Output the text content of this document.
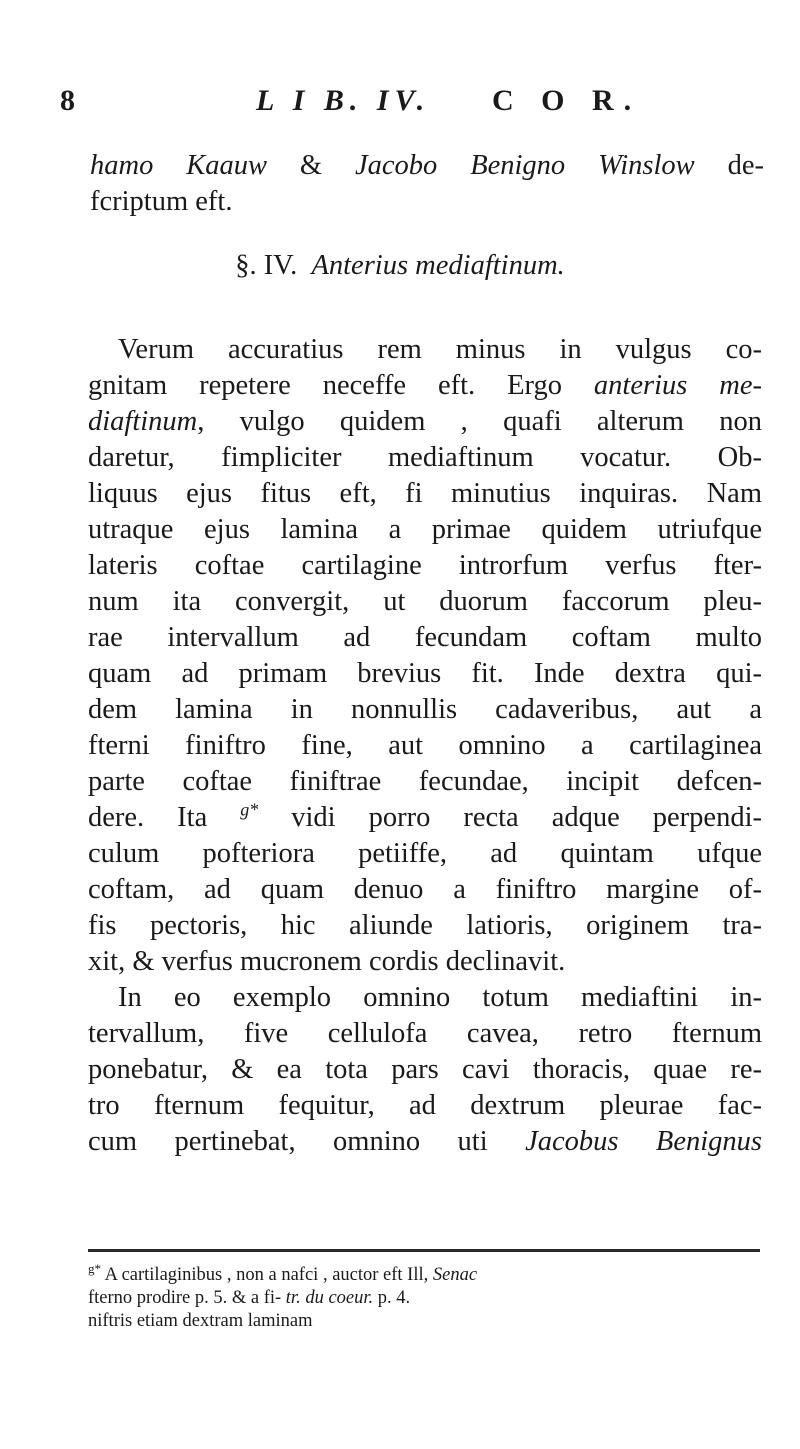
8	L I B. IV. C O R.
hamo Kaauw & Jacobo Benigno Winslow de-
fcriptum eft.
§. IV. Anterius mediaftinum.
Verum accuratius rem minus in vulgus co-
gnitam repetere neceffe eft. Ergo anterius me-
diaftinum, vulgo quidem , quafi alterum non
daretur, fimpliciter mediaftinum vocatur. Ob-
liquus ejus fitus eft, fi minutius inquiras. Nam
utraque ejus lamina a primae quidem utriufque
lateris coftae cartilagine introrfum verfus fter-
num ita convergit, ut duorum faccorum pleu-
rae intervallum ad fecundam coftam multo
quam ad primam brevius fit. Inde dextra qui-
dem lamina in nonnullis cadaveribus, aut a
fterni finiftro fine, aut omnino a cartilaginea
parte coftae finiftrae fecundae, incipit defcen-
dere. Ita $^{g*}$ vidi porro recta adque perpendi-
culum pofteriora petiiffe, ad quintam ufque
coftam, ad quam denuo a finiftro margine of-
fis pectoris, hic aliunde latioris, originem tra-
xit, & verfus mucronem cordis declinavit.
In eo exemplo omnino totum mediaftini in-
tervallum, five cellulofa cavea, retro fternum
ponebatur, & ea tota pars cavi thoracis, quae re-
tro fternum fequitur, ad dextrum pleurae fac-
cum pertinebat, omnino uti Jacobus Benignus
$^{g*}$ A cartilaginibus , non a nafci , auctor eft Ill, Senac
fterno prodire p. 5. & a fi- tr. du coeur. p. 4.
niftris etiam dextram laminam
